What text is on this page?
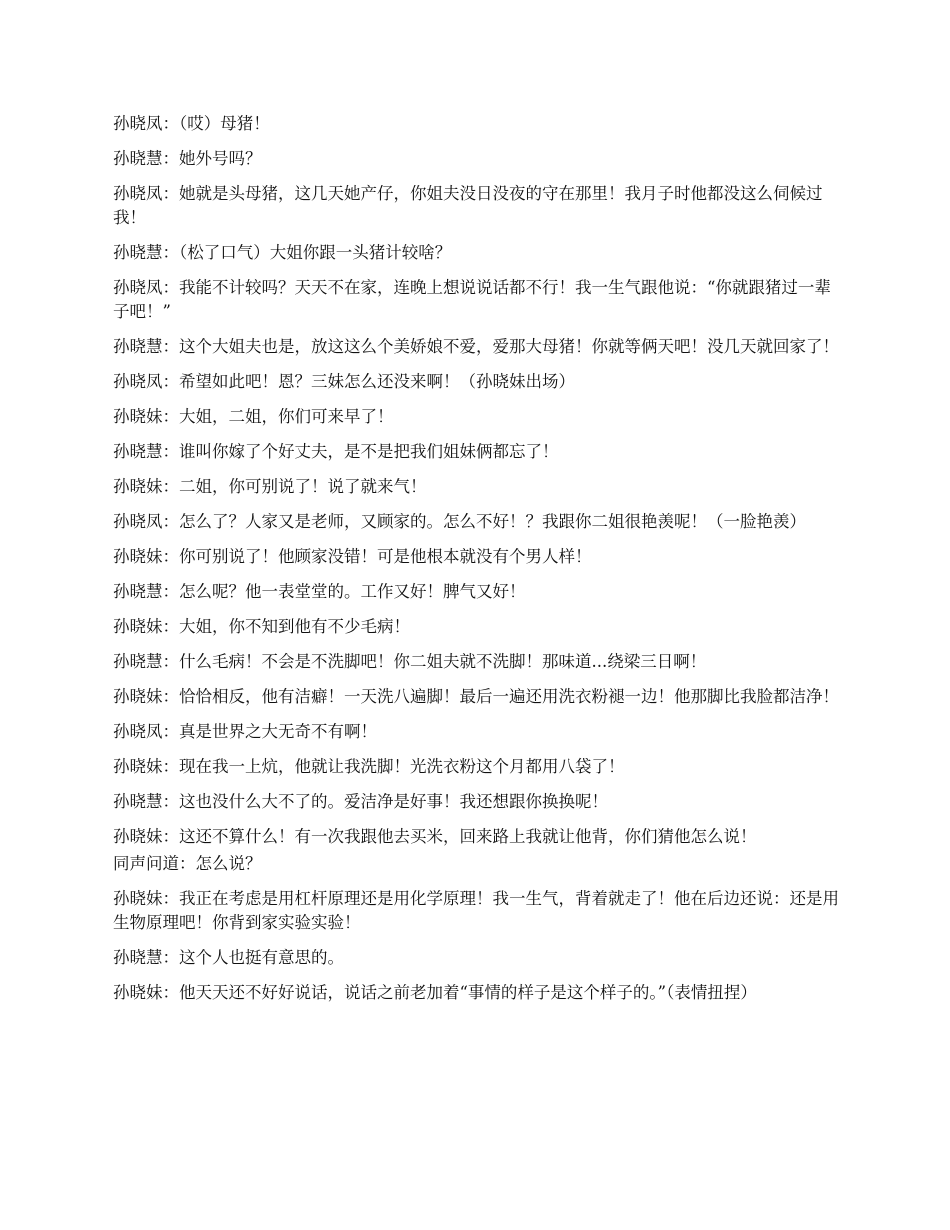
孙晓凤：（哎）母猪！

孙晓慧：她外号吗？

孙晓凤：她就是头母猪，这几天她产仔，你姐夫没日没夜的守在那里！我月子时他都没这么伺候过我！

孙晓慧：（松了口气）大姐你跟一头猪计较啥？

孙晓凤：我能不计较吗？天天不在家，连晚上想说说话都不行！我一生气跟他说：“你就跟猪过一辈子吧！”

孙晓慧：这个大姐夫也是，放这这么个美娇娘不爱，爱那大母猪！你就等俩天吧！没几天就回家了！

孙晓凤：希望如此吧！恩？三妹怎么还没来啊！（孙晓妹出场）

孙晓妹：大姐，二姐，你们可来早了！

孙晓慧：谁叫你嫁了个好丈夫，是不是把我们姐妹俩都忘了！

孙晓妹：二姐，你可别说了！说了就来气！

孙晓凤：怎么了？人家又是老师，又顾家的。怎么不好！？我跟你二姐很艳羡呢！（一脸艳羡）

孙晓妹：你可别说了！他顾家没错！可是他根本就没有个男人样！

孙晓慧：怎么呢？他一表堂堂的。工作又好！脾气又好！

孙晓妹：大姐，你不知到他有不少毛病！

孙晓慧：什么毛病！不会是不洗脚吧！你二姐夫就不洗脚！那味道...绕梁三日啊！

孙晓妹：恰恰相反，他有洁癖！一天洗八遍脚！最后一遍还用洗衣粉褪一边！他那脚比我脸都洁净！

孙晓凤：真是世界之大无奇不有啊！

孙晓妹：现在我一上炕，他就让我洗脚！光洗衣粉这个月都用八袋了！

孙晓慧：这也没什么大不了的。爱洁净是好事！我还想跟你换换呢！

孙晓妹：这还不算什么！有一次我跟他去买米，回来路上我就让他背，你们猜他怎么说！

同声问道：怎么说？

孙晓妹：我正在考虑是用杠杆原理还是用化学原理！我一生气，背着就走了！他在后边还说：还是用生物原理吧！你背到家实验实验！

孙晓慧：这个人也挺有意思的。

孙晓妹：他天天还不好好说话，说话之前老加着“事情的样子是这个样子的。”（表情扭捏）
